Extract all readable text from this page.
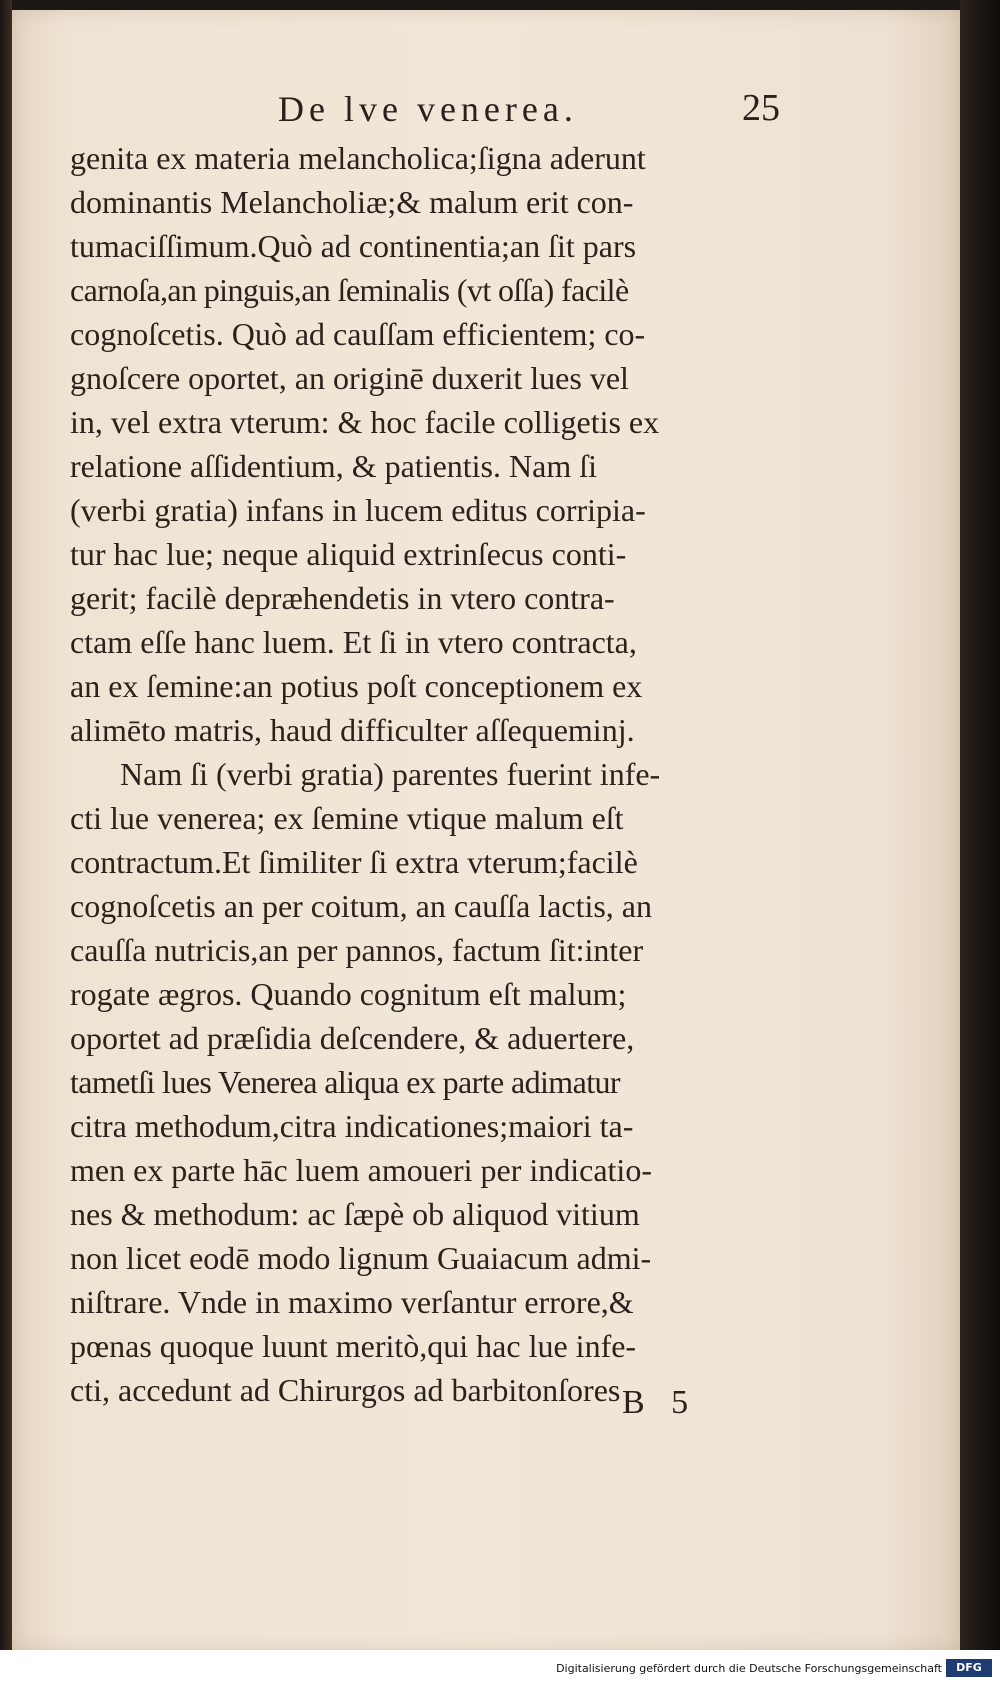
De lve venerea.	25
genita ex materia melancholica;ſigna aderunt
dominantis Melancholiæ;& malum erit con-
tumaciſſimum.Quò ad continentia;an ſit pars
carnoſa,an pinguis,an ſeminalis (vt oſſa) facilè
cognoſcetis. Quò ad cauſſam efficientem; co-
gnoſcere oportet, an originē duxerit lues vel
in, vel extra vterum: & hoc facile colligetis ex
relatione aſſidentium, & patientis. Nam ſi
(verbi gratia) infans in lucem editus corripia-
tur hac lue; neque aliquid extrinſecus conti-
gerit; facilè depræhendetis in vtero contra-
ctam eſſe hanc luem. Et ſi in vtero contracta,
an ex ſemine:an potius poſt conceptionem ex
alimēto matris, haud difficulter aſſequeminj.
Nam ſi (verbi gratia) parentes fuerint infe-
cti lue venerea; ex ſemine vtique malum eſt
contractum.Et ſimiliter ſi extra vterum;facilè
cognoſcetis an per coitum, an cauſſa lactis, an
cauſſa nutricis,an per pannos, factum ſit:inter
rogate ægros. Quando cognitum eſt malum;
oportet ad præſidia deſcendere, & aduertere,
tametſi lues Venerea aliqua ex parte adimatur
citra methodum,citra indicationes;maiori ta-
men ex parte hāc luem amoueri per indicatio-
nes & methodum: ac ſæpè ob aliquod vitium
non licet eodē modo lignum Guaiacum admi-
niſtrare. Vnde in maximo verſantur errore,&
pœnas quoque luunt meritò,qui hac lue infe-
cti, accedunt ad Chirurgos ad barbitonſores B 5
Digitalisierung gefördert durch die Deutsche Forschungsgemeinschaft	DFG
